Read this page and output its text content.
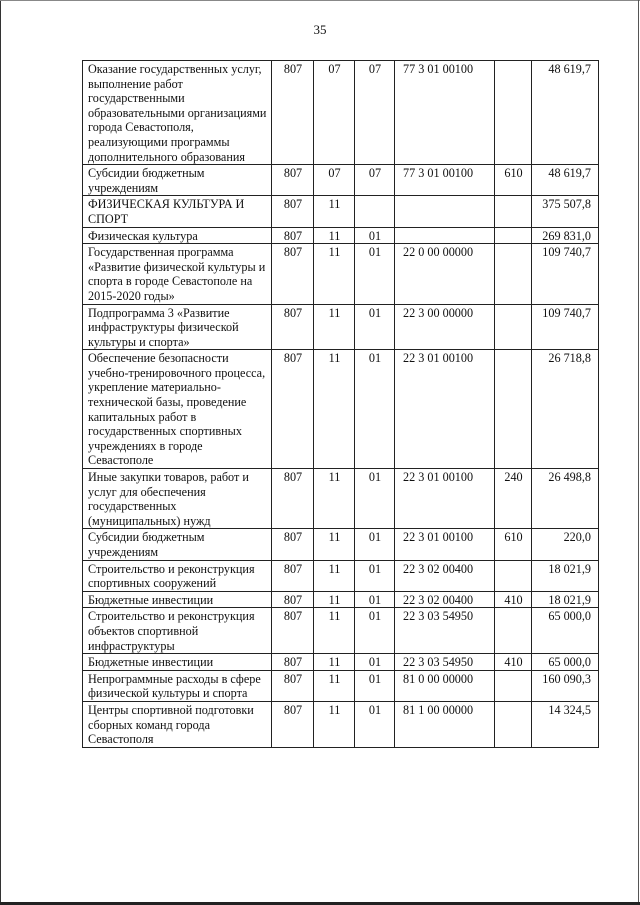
35
Оказание государственных услуг, выполнение работ государственными образовательными организациями города Севастополя, реализующими программы дополнительного образования	807	07	07	77 3 01 00100		48 619,7
Субсидии бюджетным учреждениям	807	07	07	77 3 01 00100	610	48 619,7
ФИЗИЧЕСКАЯ КУЛЬТУРА И СПОРТ	807	11				375 507,8
Физическая культура	807	11	01			269 831,0
Государственная программа «Развитие физической культуры и спорта в городе Севастополе на 2015-2020 годы»	807	11	01	22 0 00 00000		109 740,7
Подпрограмма 3 «Развитие инфраструктуры физической культуры и спорта»	807	11	01	22 3 00 00000		109 740,7
Обеспечение безопасности учебно-тренировочного процесса, укрепление материально-технической базы, проведение капитальных работ в государственных спортивных учреждениях в городе Севастополе	807	11	01	22 3 01 00100		26 718,8
Иные закупки товаров, работ и услуг для обеспечения государственных (муниципальных) нужд	807	11	01	22 3 01 00100	240	26 498,8
Субсидии бюджетным учреждениям	807	11	01	22 3 01 00100	610	220,0
Строительство и реконструкция спортивных сооружений	807	11	01	22 3 02 00400		18 021,9
Бюджетные инвестиции	807	11	01	22 3 02 00400	410	18 021,9
Строительство и реконструкция объектов спортивной инфраструктуры	807	11	01	22 3 03 54950		65 000,0
Бюджетные инвестиции	807	11	01	22 3 03 54950	410	65 000,0
Непрограммные расходы в сфере физической культуры и спорта	807	11	01	81 0 00 00000		160 090,3
Центры спортивной подготовки сборных команд города Севастополя	807	11	01	81 1 00 00000		14 324,5
